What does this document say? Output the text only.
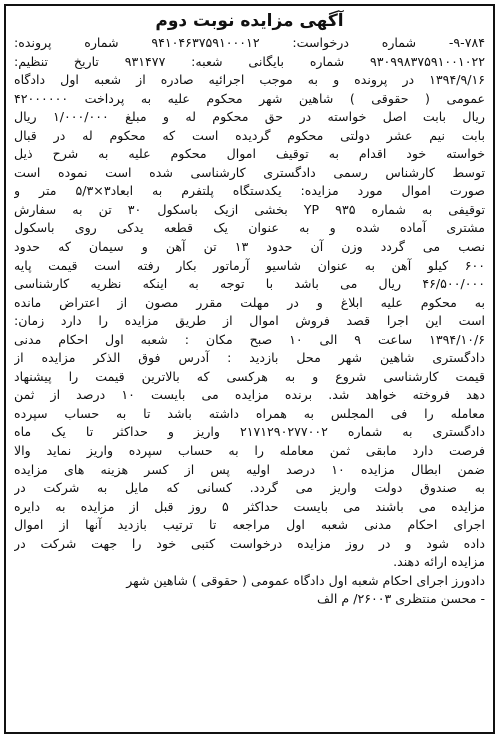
آگهی مزایده نوبت دوم
۹-۷۸۴- شماره درخواست: ۹۴۱۰۴۶۳۷۵۹۱۰۰۰۱۲ شماره پرونده:
۹۳۰۹۹۸۳۷۵۹۱۰۰۱۰۲۲ شماره بایگانی شعبه: ۹۳۱۴۷۷ تاریخ تنظیم:
۱۳۹۴/۹/۱۶ در پرونده و به موجب اجرائیه صادره از شعبه اول دادگاه
عمومی ( حقوقی ) شاهین شهر محکوم علیه به پرداخت ۴۲۰۰۰۰۰۰
ریال بابت اصل خواسته در حق محکوم له و مبلغ ۱/۰۰۰/۰۰۰ ریال
بابت نیم عشر دولتی محکوم گردیده است که محکوم له در قبال
خواسته خود اقدام به توقیف اموال محکوم علیه به شرح ذیل
توسط کارشناس رسمی دادگستری کارشناسی شده است نموده است
صورت اموال مورد مزایده: یکدستگاه پلتفرم به ابعاد۳×۵/۳ متر و
توقیفی به شماره ۹۳۵ YP بخشی ازیک باسکول ۳۰ تن به سفارش
مشتری آماده شده و به عنوان یک قطعه یدکی روی باسکول
نصب می گردد وزن آن حدود ۱۳ تن آهن و سیمان که حدود
۶۰۰ کیلو آهن به عنوان شاسیو آرماتور بکار رفته است قیمت پایه
۴۶/۵۰۰/۰۰۰ ریال می باشد با توجه به اینکه نظریه کارشناسی
به محکوم علیه ابلاغ و در مهلت مقرر مصون از اعتراض مانده
است این اجرا قصد فروش اموال از طریق مزایده را دارد زمان:
۱۳۹۴/۱۰/۶ ساعت ۹ الی ۱۰ صبح مکان : شعبه اول احکام مدنی
دادگستری شاهین شهر محل بازدید : آدرس فوق الذکر مزایده از
قیمت کارشناسی شروع و به هرکسی که بالاترین قیمت را پیشنهاد
دهد فروخته خواهد شد. برنده مزایده می بایست ۱۰ درصد از ثمن
معامله را فی المجلس به همراه داشته باشد تا به حساب سپرده
دادگستری به شماره ۲۱۷۱۲۹۰۲۷۷۰۰۲ واریز و حداکثر تا یک ماه
فرصت دارد مابقی ثمن معامله را به حساب سپرده واریز نماید والا
ضمن ابطال مزایده ۱۰ درصد اولیه پس از کسر هزینه های مزایده
به صندوق دولت واریز می گردد. کسانی که مایل به شرکت در
مزایده می باشند می بایست حداکثر ۵ روز قبل از مزایده به دایره
اجرای احکام مدنی شعبه اول مراجعه تا ترتیب بازدید آنها از اموال
داده شود و در روز مزایده درخواست کتبی خود را جهت شرکت در
مزایده ارائه دهند.
دادورز اجرای احکام شعبه اول دادگاه عمومی ( حقوقی ) شاهین شهر
- محسن منتظری ۲۶۰۰۳/ م الف
